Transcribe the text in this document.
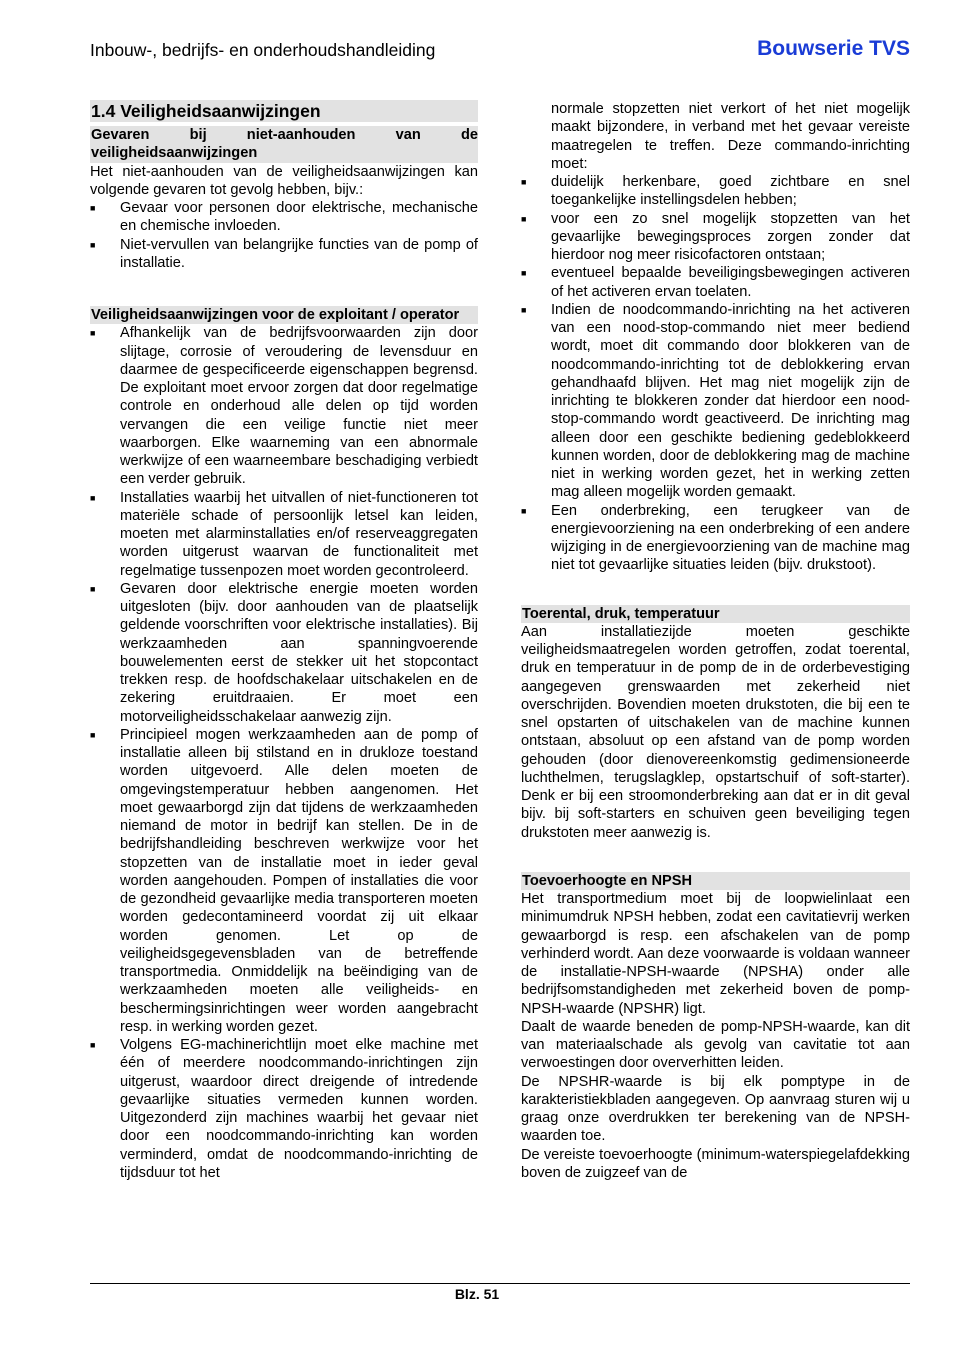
Inbouw-, bedrijfs- en onderhoudshandleiding	Bouwserie TVS
1.4 Veiligheidsaanwijzingen
Gevaren bij niet-aanhouden van de veiligheidsaanwijzingen

Het niet-aanhouden van de veiligheidsaanwijzingen kan volgende gevaren tot gevolg hebben, bijv.:

■ Gevaar voor personen door elektrische, mechanische en chemische invloeden.
■ Niet-vervullen van belangrijke functies van de pomp of installatie.
Veiligheidsaanwijzingen voor de exploitant / operator
■ Afhankelijk van de bedrijfsvoorwaarden zijn door slijtage, corrosie of veroudering de levensduur en daarmee de gespecificeerde eigenschappen begrensd. De exploitant moet ervoor zorgen dat door regelmatige controle en onderhoud alle delen op tijd worden vervangen die een veilige functie niet meer waarborgen. Elke waarneming van een abnormale werkwijze of een waarneembare beschadiging verbiedt een verder gebruik.
■ Installaties waarbij het uitvallen of niet-functioneren tot materiële schade of persoonlijk letsel kan leiden, moeten met alarminstallaties en/of reserveaggregaten worden uitgerust waarvan de functionaliteit met regelmatige tussenpozen moet worden gecontroleerd.
■ Gevaren door elektrische energie moeten worden uitgesloten (bijv. door aanhouden van de plaatselijk geldende voorschriften voor elektrische installaties). Bij werkzaamheden aan spanningvoerende bouwelementen eerst de stekker uit het stopcontact trekken resp. de hoofdschakelaar uitschakelen en de zekering eruitdraaien. Er moet een motorveiligheidsschakelaar aanwezig zijn.
■ Principieel mogen werkzaamheden aan de pomp of installatie alleen bij stilstand en in drukloze toestand worden uitgevoerd. Alle delen moeten de omgevingstemperatuur hebben aangenomen. Het moet gewaarborgd zijn dat tijdens de werkzaamheden niemand de motor in bedrijf kan stellen. De in de bedrijfshandleiding beschreven werkwijze voor het stopzetten van de installatie moet in ieder geval worden aangehouden. Pompen of installaties die voor de gezondheid gevaarlijke media transporteren moeten worden gedecontamineerd voordat zij uit elkaar worden genomen. Let op de veiligheidsgegevensbladen van de betreffende transportmedia. Onmiddelijk na beëindiging van de werkzaamheden moeten alle veiligheids- en beschermingsinrichtingen weer worden aangebracht resp. in werking worden gezet.
■ Volgens EG-machinerichtlijn moet elke machine met één of meerdere noodcommando-inrichtingen zijn uitgerust, waardoor direct dreigende of intredende gevaarlijke situaties vermeden kunnen worden. Uitgezonderd zijn machines waarbij het gevaar niet door een noodcommando-inrichting kan worden verminderd, omdat de noodcommando-inrichting de tijdsduur tot het

normale stopzetten niet verkort of het niet mogelijk maakt bijzondere, in verband met het gevaar vereiste maatregelen te treffen. Deze commando-inrichting moet:

■ duidelijk herkenbare, goed zichtbare en snel toegankelijke instellingsdelen hebben;
■ voor een zo snel mogelijk stopzetten van het gevaarlijke bewegingsproces zorgen zonder dat hierdoor nog meer risicofactoren ontstaan;
■ eventueel bepaalde beveiligingsbewegingen activeren of het activeren ervan toelaten.
■ Indien de noodcommando-inrichting na het activeren van een nood-stop-commando niet meer bediend wordt, moet dit commando door blokkeren van de noodcommando-inrichting tot de deblokkering ervan gehandhaafd blijven. Het mag niet mogelijk zijn de inrichting te blokkeren zonder dat hierdoor een nood-stop-commando wordt geactiveerd. De inrichting mag alleen door een geschikte bediening gedeblokkeerd kunnen worden, door de deblokkering mag de machine niet in werking worden gezet, het in werking zetten mag alleen mogelijk worden gemaakt.
■ Een onderbreking, een terugkeer van de energievoorziening na een onderbreking of een andere wijziging in de energievoorziening van de machine mag niet tot gevaarlijke situaties leiden (bijv. drukstoot).
Toerental, druk, temperatuur

Aan installatiezijde moeten geschikte veiligheidsmaatregelen worden getroffen, zodat toerental, druk en temperatuur in de pomp de in de orderbevestiging aangegeven grenswaarden met zekerheid niet overschrijden. Bovendien moeten drukstoten, die bij een te snel opstarten of uitschakelen van de machine kunnen ontstaan, absoluut op een afstand van de pomp worden gehouden (door dienovereenkomstig gedimensioneerde luchthelmen, terugslagklep, opstartschuif of soft-starter). Denk er bij een stroomonderbreking aan dat er in dit geval bijv. bij soft-starters en schuiven geen beveiliging tegen drukstoten meer aanwezig is.

Toevoerhoogte en NPSH

Het transportmedium moet bij de loopwielinlaat een minimumdruk NPSH hebben, zodat een cavitatievrij werken gewaarborgd is resp. een afschakelen van de pomp verhinderd wordt. Aan deze voorwaarde is voldaan wanneer de installatie-NPSH-waarde (NPSHA) onder alle bedrijfsomstandigheden met zekerheid boven de pomp-NPSH-waarde (NPSHR) ligt.

Daalt de waarde beneden de pomp-NPSH-waarde, kan dit van materiaalschade als gevolg van cavitatie tot aan verwoestingen door oververhitten leiden.

De NPSHR-waarde is bij elk pomptype in de karakteristiekbladen aangegeven. Op aanvraag sturen wij u graag onze overdrukken ter berekening van de NPSH-waarden toe.

De vereiste toevoerhoogte (minimum-waterspiegelafdekking boven de zuigzeef van de

Blz. 51
